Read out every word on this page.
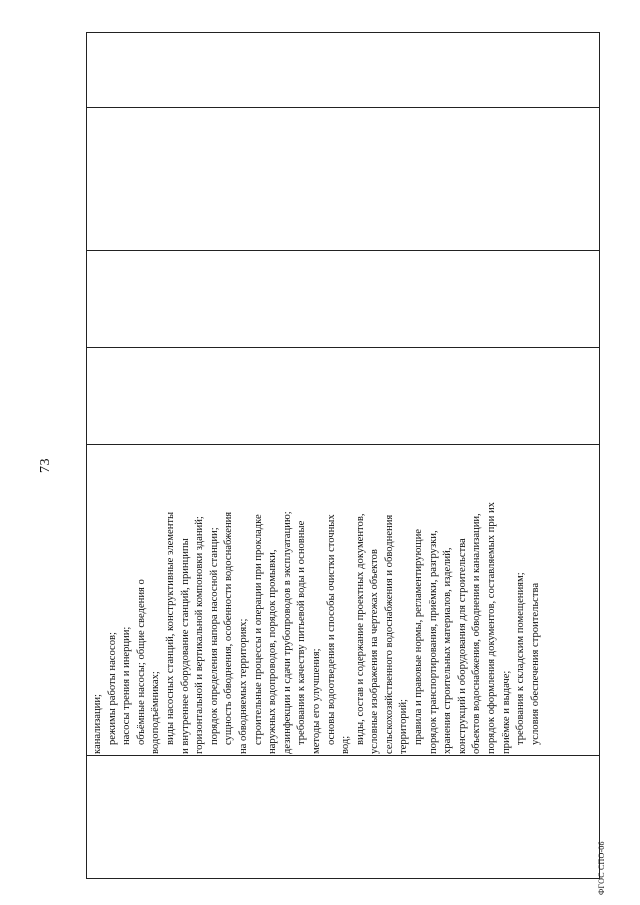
73
канализации; режимы работы насосов; насосы трения и инерции; объёмные насосы; общие сведения о водоподъёмниках; виды насосных станций, конструктивные элементы и внутреннее оборудование станций, принципы горизонтальной и вертикальной компоновки зданий; порядок определения напора насосной станции; сущность обводнения, особенности водоснабжения на обводняемых территориях; строительные процессы и операции при прокладке наружных водопроводов, порядок промывки, дезинфекции и сдачи трубопроводов в эксплуатацию; требования к качеству питьевой воды и основные методы его улучшения; основы водоотведения и способы очистки сточных вод; виды, состав и содержание проектных документов, условные изображения на чертежах объектов сельскохозяйственного водоснабжения и обводнения территорий; правила и правовые нормы, регламентирующие порядок транспортирования, приёмки, разгрузки, хранения строительных материалов, изделий, конструкций и оборудования для строительства объектов водоснабжения, обводнения и канализации, порядок оформления документов, составляемых при их приёмке и выдаче; требования к складским помещениям; условия обеспечения строительства
ФГОС СПО-06
